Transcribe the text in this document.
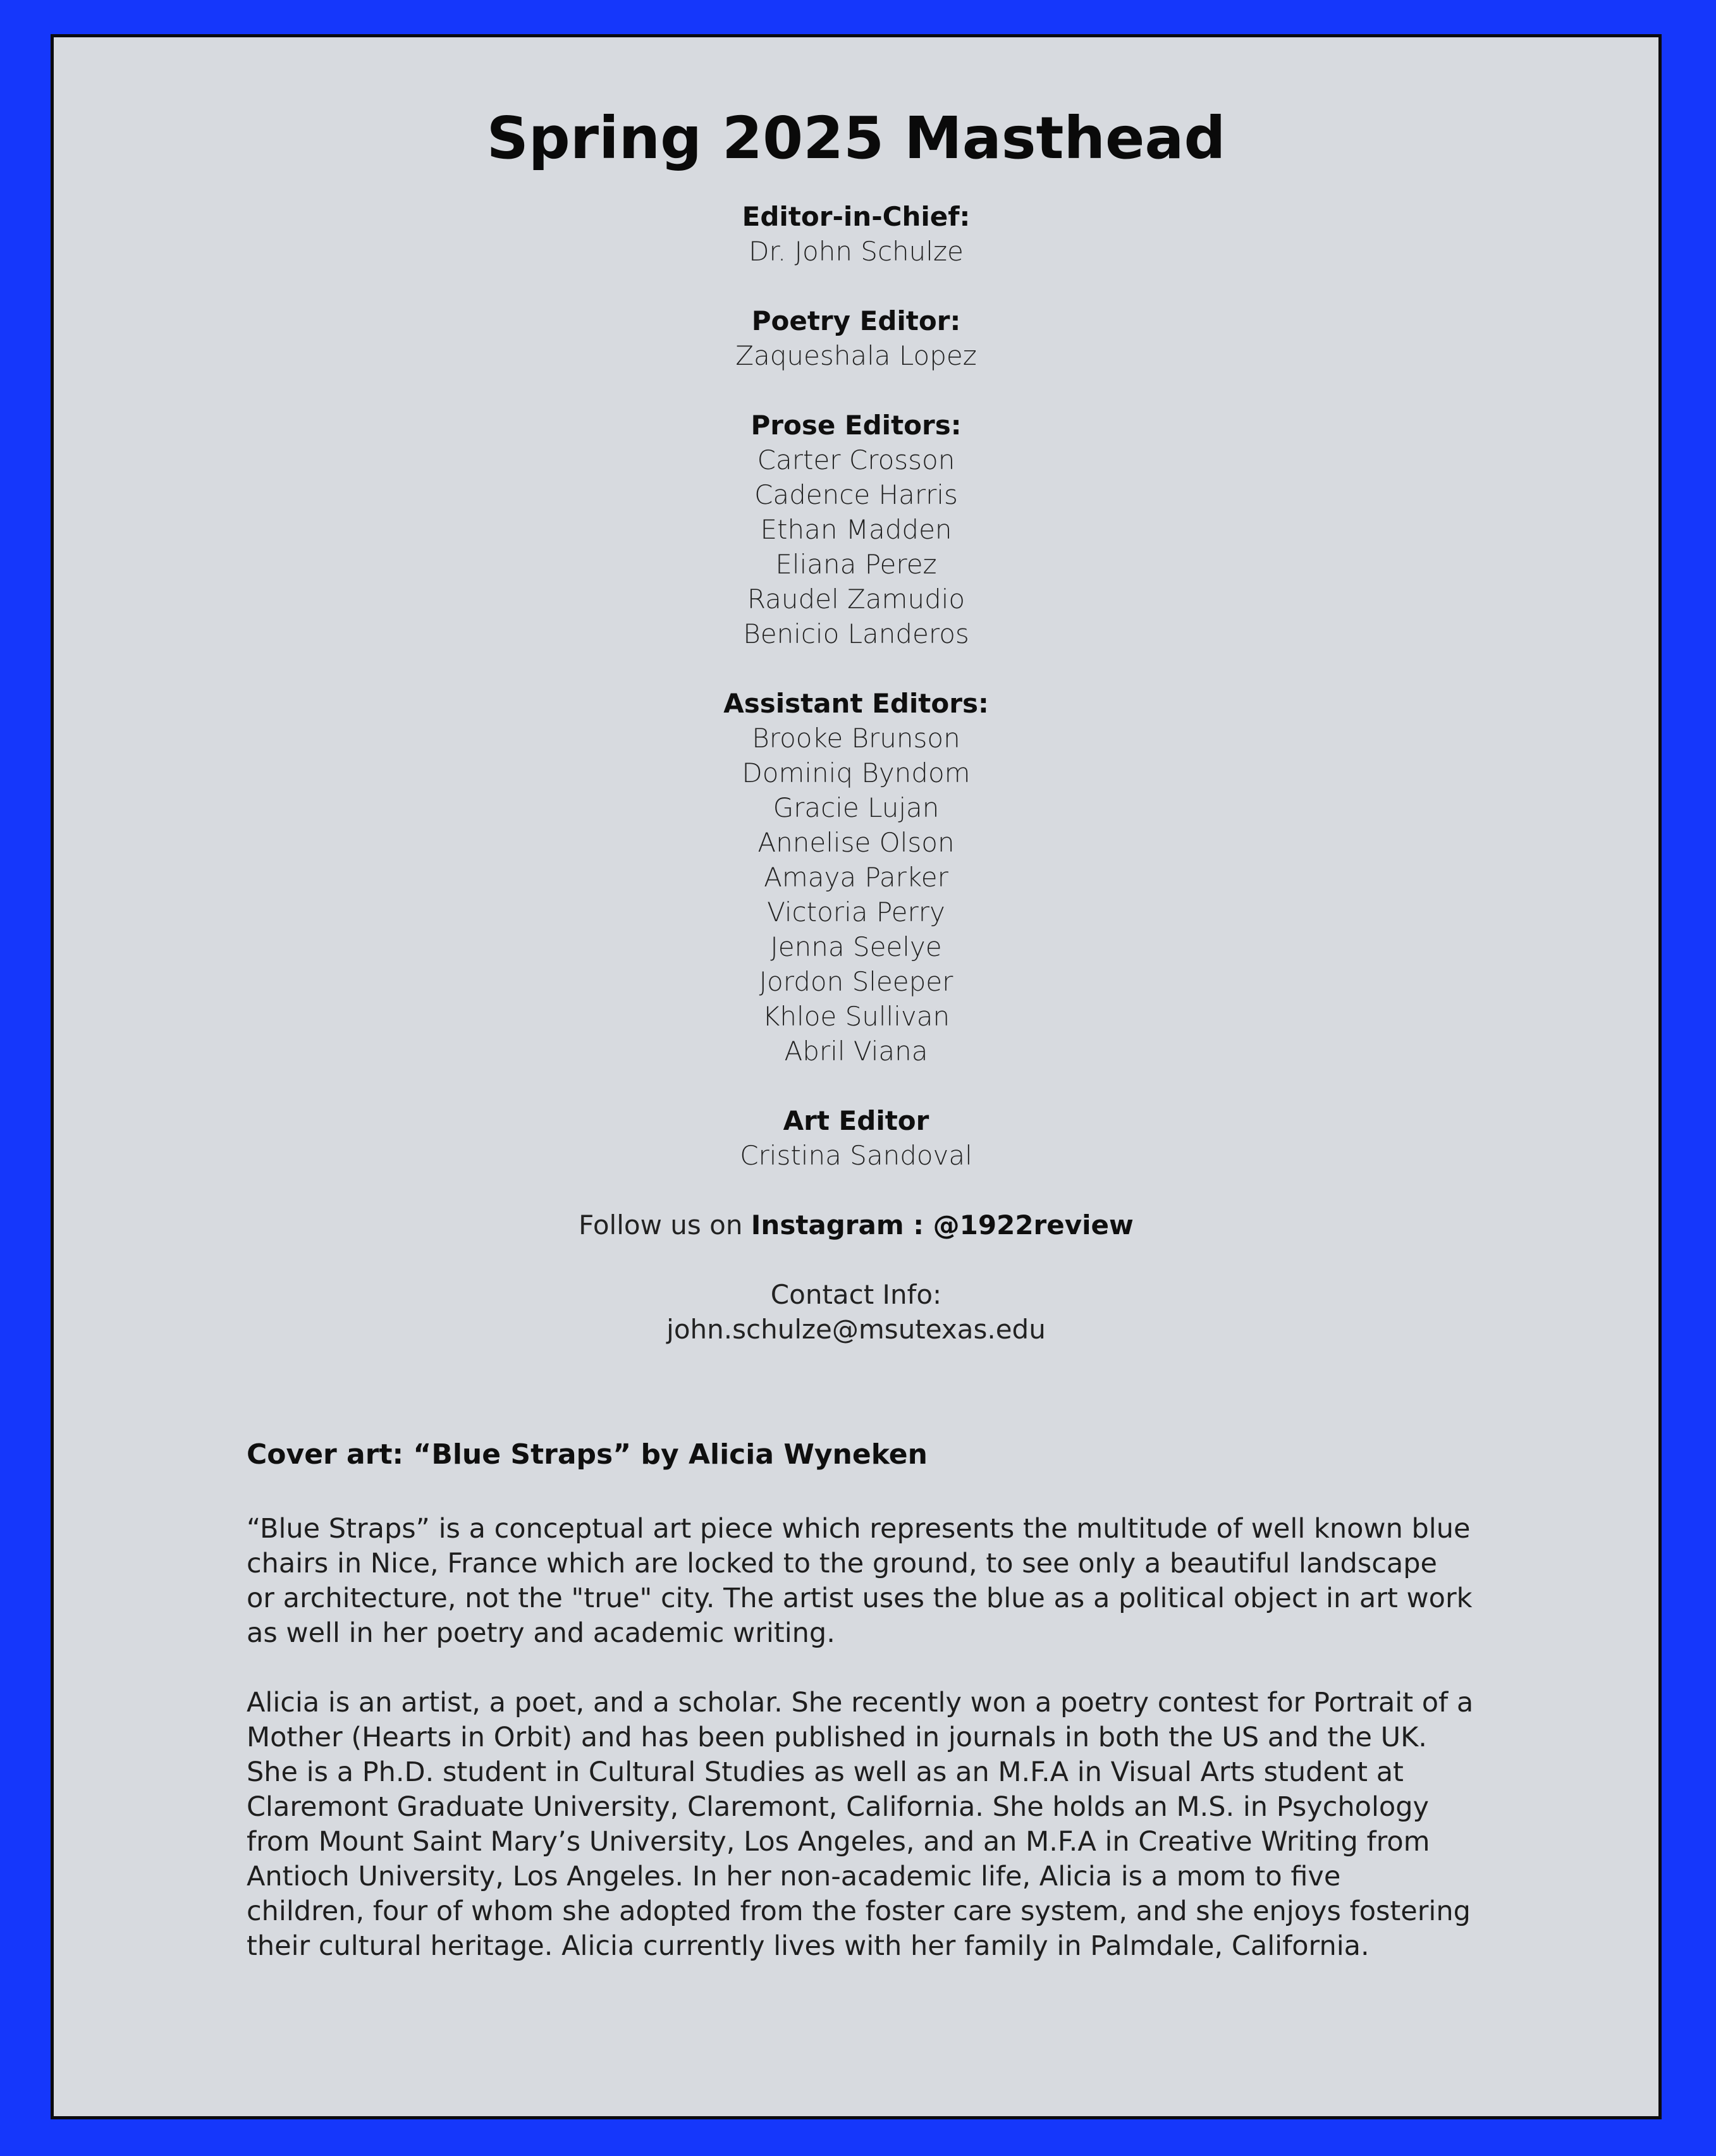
Spring 2025 Masthead
Editor-in-Chief:
Dr. John Schulze
Poetry Editor:
Zaqueshala Lopez
Prose Editors:
Carter Crosson
Cadence Harris
Ethan Madden
Eliana Perez
Raudel Zamudio
Benicio Landeros
Assistant Editors:
Brooke Brunson
Dominiq Byndom
Gracie Lujan
Annelise Olson
Amaya Parker
Victoria Perry
Jenna Seelye
Jordon Sleeper
Khloe Sullivan
Abril Viana
Art Editor
Cristina Sandoval
Follow us on Instagram : @1922review
Contact Info:
john.schulze@msutexas.edu
Cover art: “Blue Straps” by Alicia Wyneken
“Blue Straps” is a conceptual art piece which represents the multitude of well known blue
chairs in Nice, France which are locked to the ground, to see only a beautiful landscape
or architecture, not the "true" city. The artist uses the blue as a political object in art work
as well in her poetry and academic writing.
Alicia is an artist, a poet, and a scholar. She recently won a poetry contest for Portrait of a
Mother (Hearts in Orbit) and has been published in journals in both the US and the UK.
She is a Ph.D. student in Cultural Studies as well as an M.F.A in Visual Arts student at
Claremont Graduate University, Claremont, California. She holds an M.S. in Psychology
from Mount Saint Mary’s University, Los Angeles, and an M.F.A in Creative Writing from
Antioch University, Los Angeles. In her non-academic life, Alicia is a mom to five
children, four of whom she adopted from the foster care system, and she enjoys fostering
their cultural heritage. Alicia currently lives with her family in Palmdale, California.
